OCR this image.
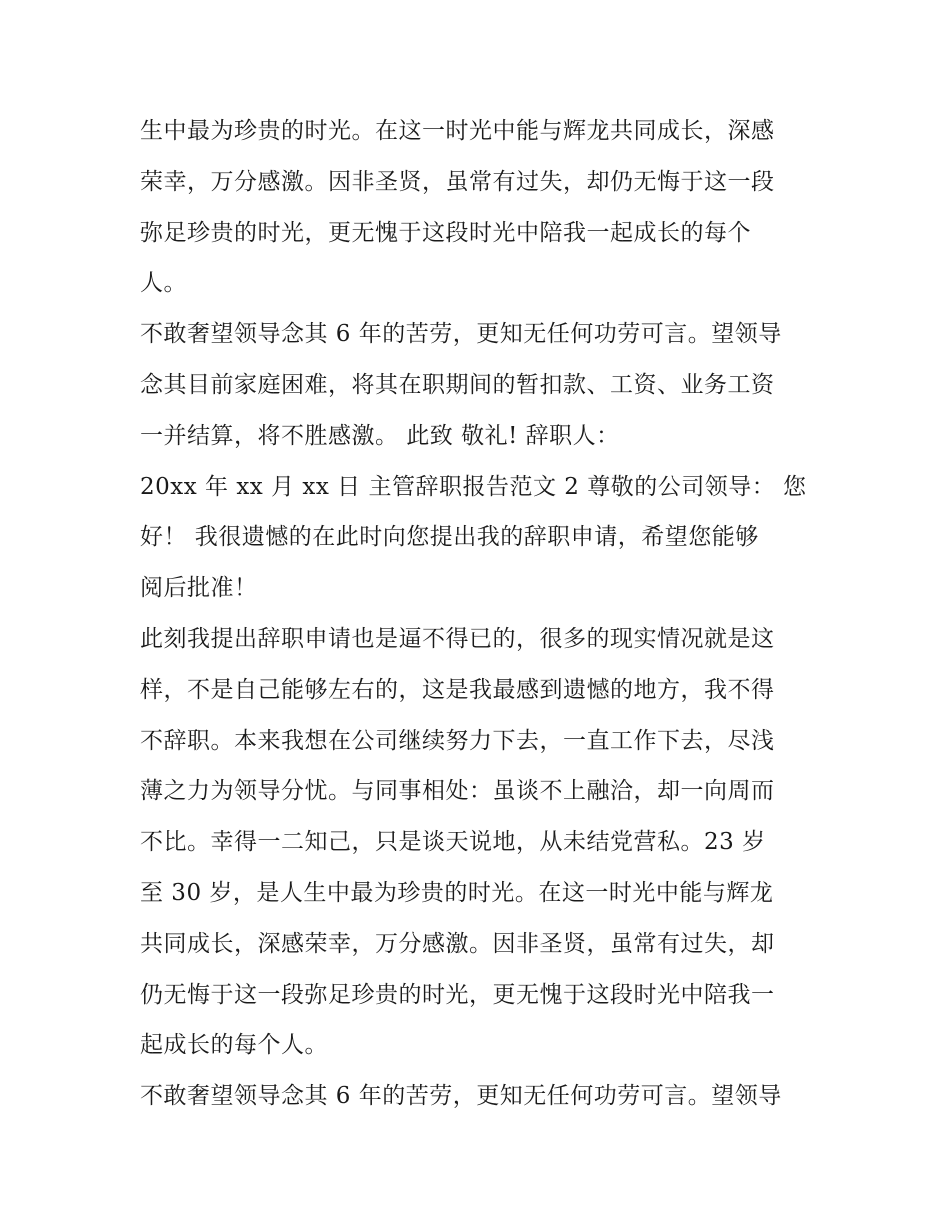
生中最为珍贵的时光。在这一时光中能与辉龙共同成长，深感
荣幸，万分感激。因非圣贤，虽常有过失，却仍无悔于这一段
弥足珍贵的时光，更无愧于这段时光中陪我一起成长的每个
人。

不敢奢望领导念其 6 年的苦劳，更知无任何功劳可言。望领导
念其目前家庭困难，将其在职期间的暂扣款、工资、业务工资
一并结算，将不胜感激。 此致 敬礼! 辞职人：

20xx 年 xx 月 xx 日 主管辞职报告范文 2 尊敬的公司领导： 您
好！ 我很遗憾的在此时向您提出我的辞职申请，希望您能够
阅后批准！

此刻我提出辞职申请也是逼不得已的，很多的现实情况就是这
样，不是自己能够左右的，这是我最感到遗憾的地方，我不得
不辞职。本来我想在公司继续努力下去，一直工作下去，尽浅
薄之力为领导分忧。与同事相处：虽谈不上融洽，却一向周而
不比。幸得一二知己，只是谈天说地，从未结党营私。23 岁
至 30 岁，是人生中最为珍贵的时光。在这一时光中能与辉龙
共同成长，深感荣幸，万分感激。因非圣贤，虽常有过失，却
仍无悔于这一段弥足珍贵的时光，更无愧于这段时光中陪我一
起成长的每个人。

不敢奢望领导念其 6 年的苦劳，更知无任何功劳可言。望领导
